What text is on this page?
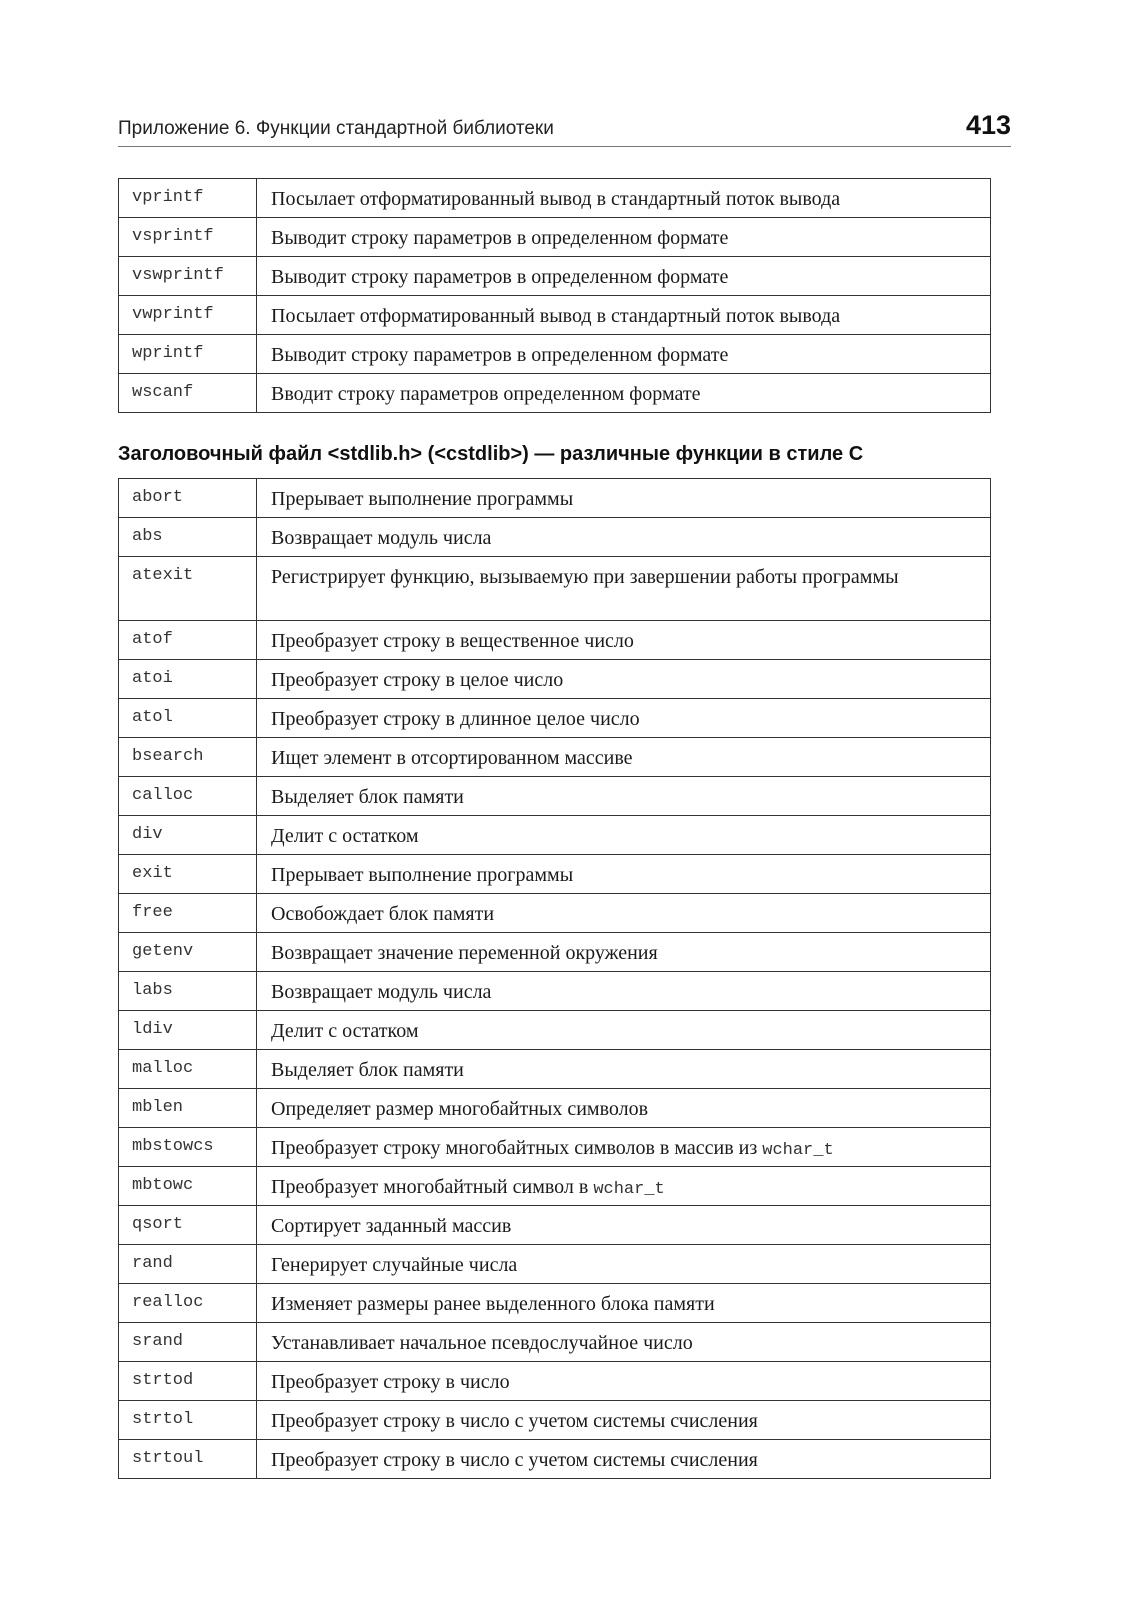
Приложение 6. Функции стандартной библиотеки	413
vprintf	Посылает отформатированный вывод в стандартный поток вывода
vsprintf	Выводит строку параметров в определенном формате
vswprintf	Выводит строку параметров в определенном формате
vwprintf	Посылает отформатированный вывод в стандартный поток вывода
wprintf	Выводит строку параметров в определенном формате
wscanf	Вводит строку параметров определенном формате
Заголовочный файл <stdlib.h> (<cstdlib>) — различные функции в стиле C
abort	Прерывает выполнение программы
abs	Возвращает модуль числа
atexit	Регистрирует функцию, вызываемую при завершении работы программы
atof	Преобразует строку в вещественное число
atoi	Преобразует строку в целое число
atol	Преобразует строку в длинное целое число
bsearch	Ищет элемент в отсортированном массиве
calloc	Выделяет блок памяти
div	Делит с остатком
exit	Прерывает выполнение программы
free	Освобождает блок памяти
getenv	Возвращает значение переменной окружения
labs	Возвращает модуль числа
ldiv	Делит с остатком
malloc	Выделяет блок памяти
mblen	Определяет размер многобайтных символов
mbstowcs	Преобразует строку многобайтных символов в массив из wchar_t
mbtowc	Преобразует многобайтный символ в wchar_t
qsort	Сортирует заданный массив
rand	Генерирует случайные числа
realloc	Изменяет размеры ранее выделенного блока памяти
srand	Устанавливает начальное псевдослучайное число
strtod	Преобразует строку в число
strtol	Преобразует строку в число с учетом системы счисления
strtoul	Преобразует строку в число с учетом системы счисления
